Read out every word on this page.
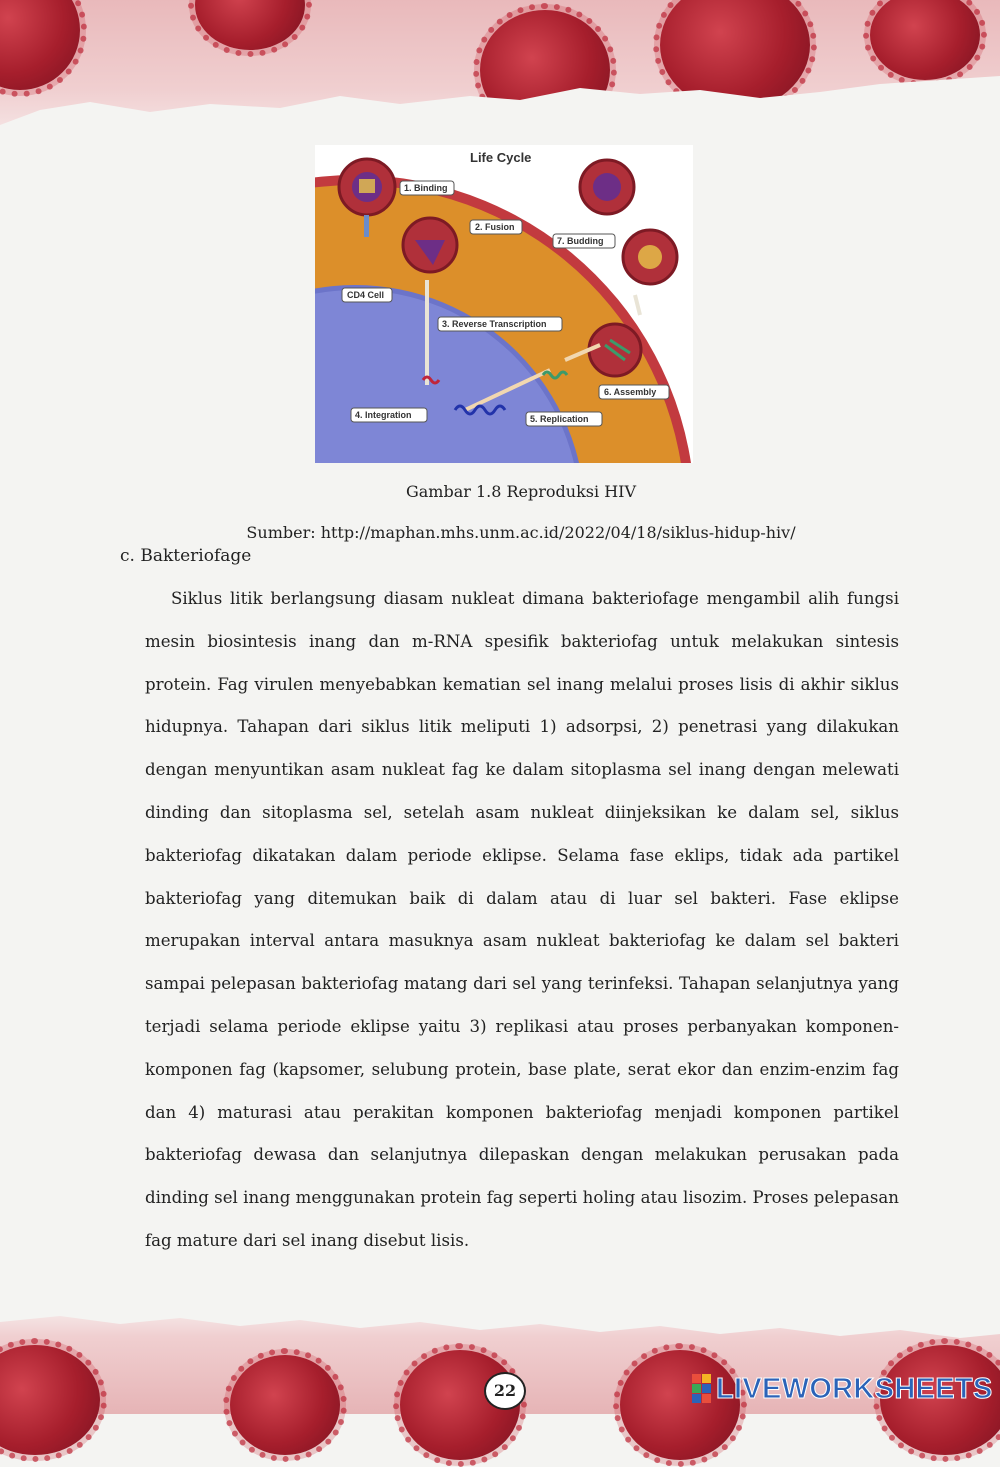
Life Cycle
1. Binding
2. Fusion
7. Budding
CD4 Cell
3. Reverse Transcription
6. Assembly
4. Integration	5. Replication
Gambar 1.8 Reproduksi HIV
Sumber: http://maphan.mhs.unm.ac.id/2022/04/18/siklus-hidup-hiv/
c. Bakteriofage

Siklus litik berlangsung diasam nukleat dimana bakteriofage mengambil alih fungsi mesin biosintesis inang dan m-RNA spesifik bakteriofag untuk melakukan sintesis protein. Fag virulen menyebabkan kematian sel inang melalui proses lisis di akhir siklus hidupnya. Tahapan dari siklus litik meliputi 1) adsorpsi, 2) penetrasi yang dilakukan dengan menyuntikan asam nukleat fag ke dalam sitoplasma sel inang dengan melewati dinding dan sitoplasma sel, setelah asam nukleat diinjeksikan ke dalam sel, siklus bakteriofag dikatakan dalam periode eklipse. Selama fase eklips, tidak ada partikel bakteriofag yang ditemukan baik di dalam atau di luar sel bakteri. Fase eklipse merupakan interval antara masuknya asam nukleat bakteriofag ke dalam sel bakteri sampai pelepasan bakteriofag matang dari sel yang terinfeksi. Tahapan selanjutnya yang terjadi selama periode eklipse yaitu 3) replikasi atau proses perbanyakan komponen-komponen fag (kapsomer, selubung protein, base plate, serat ekor dan enzim-enzim fag dan 4) maturasi atau perakitan komponen bakteriofag menjadi komponen partikel bakteriofag dewasa dan selanjutnya dilepaskan dengan melakukan perusakan pada dinding sel inang menggunakan protein fag seperti holing atau lisozim. Proses pelepasan fag mature dari sel inang disebut lisis.

22	LIVEWORKSHEETS
